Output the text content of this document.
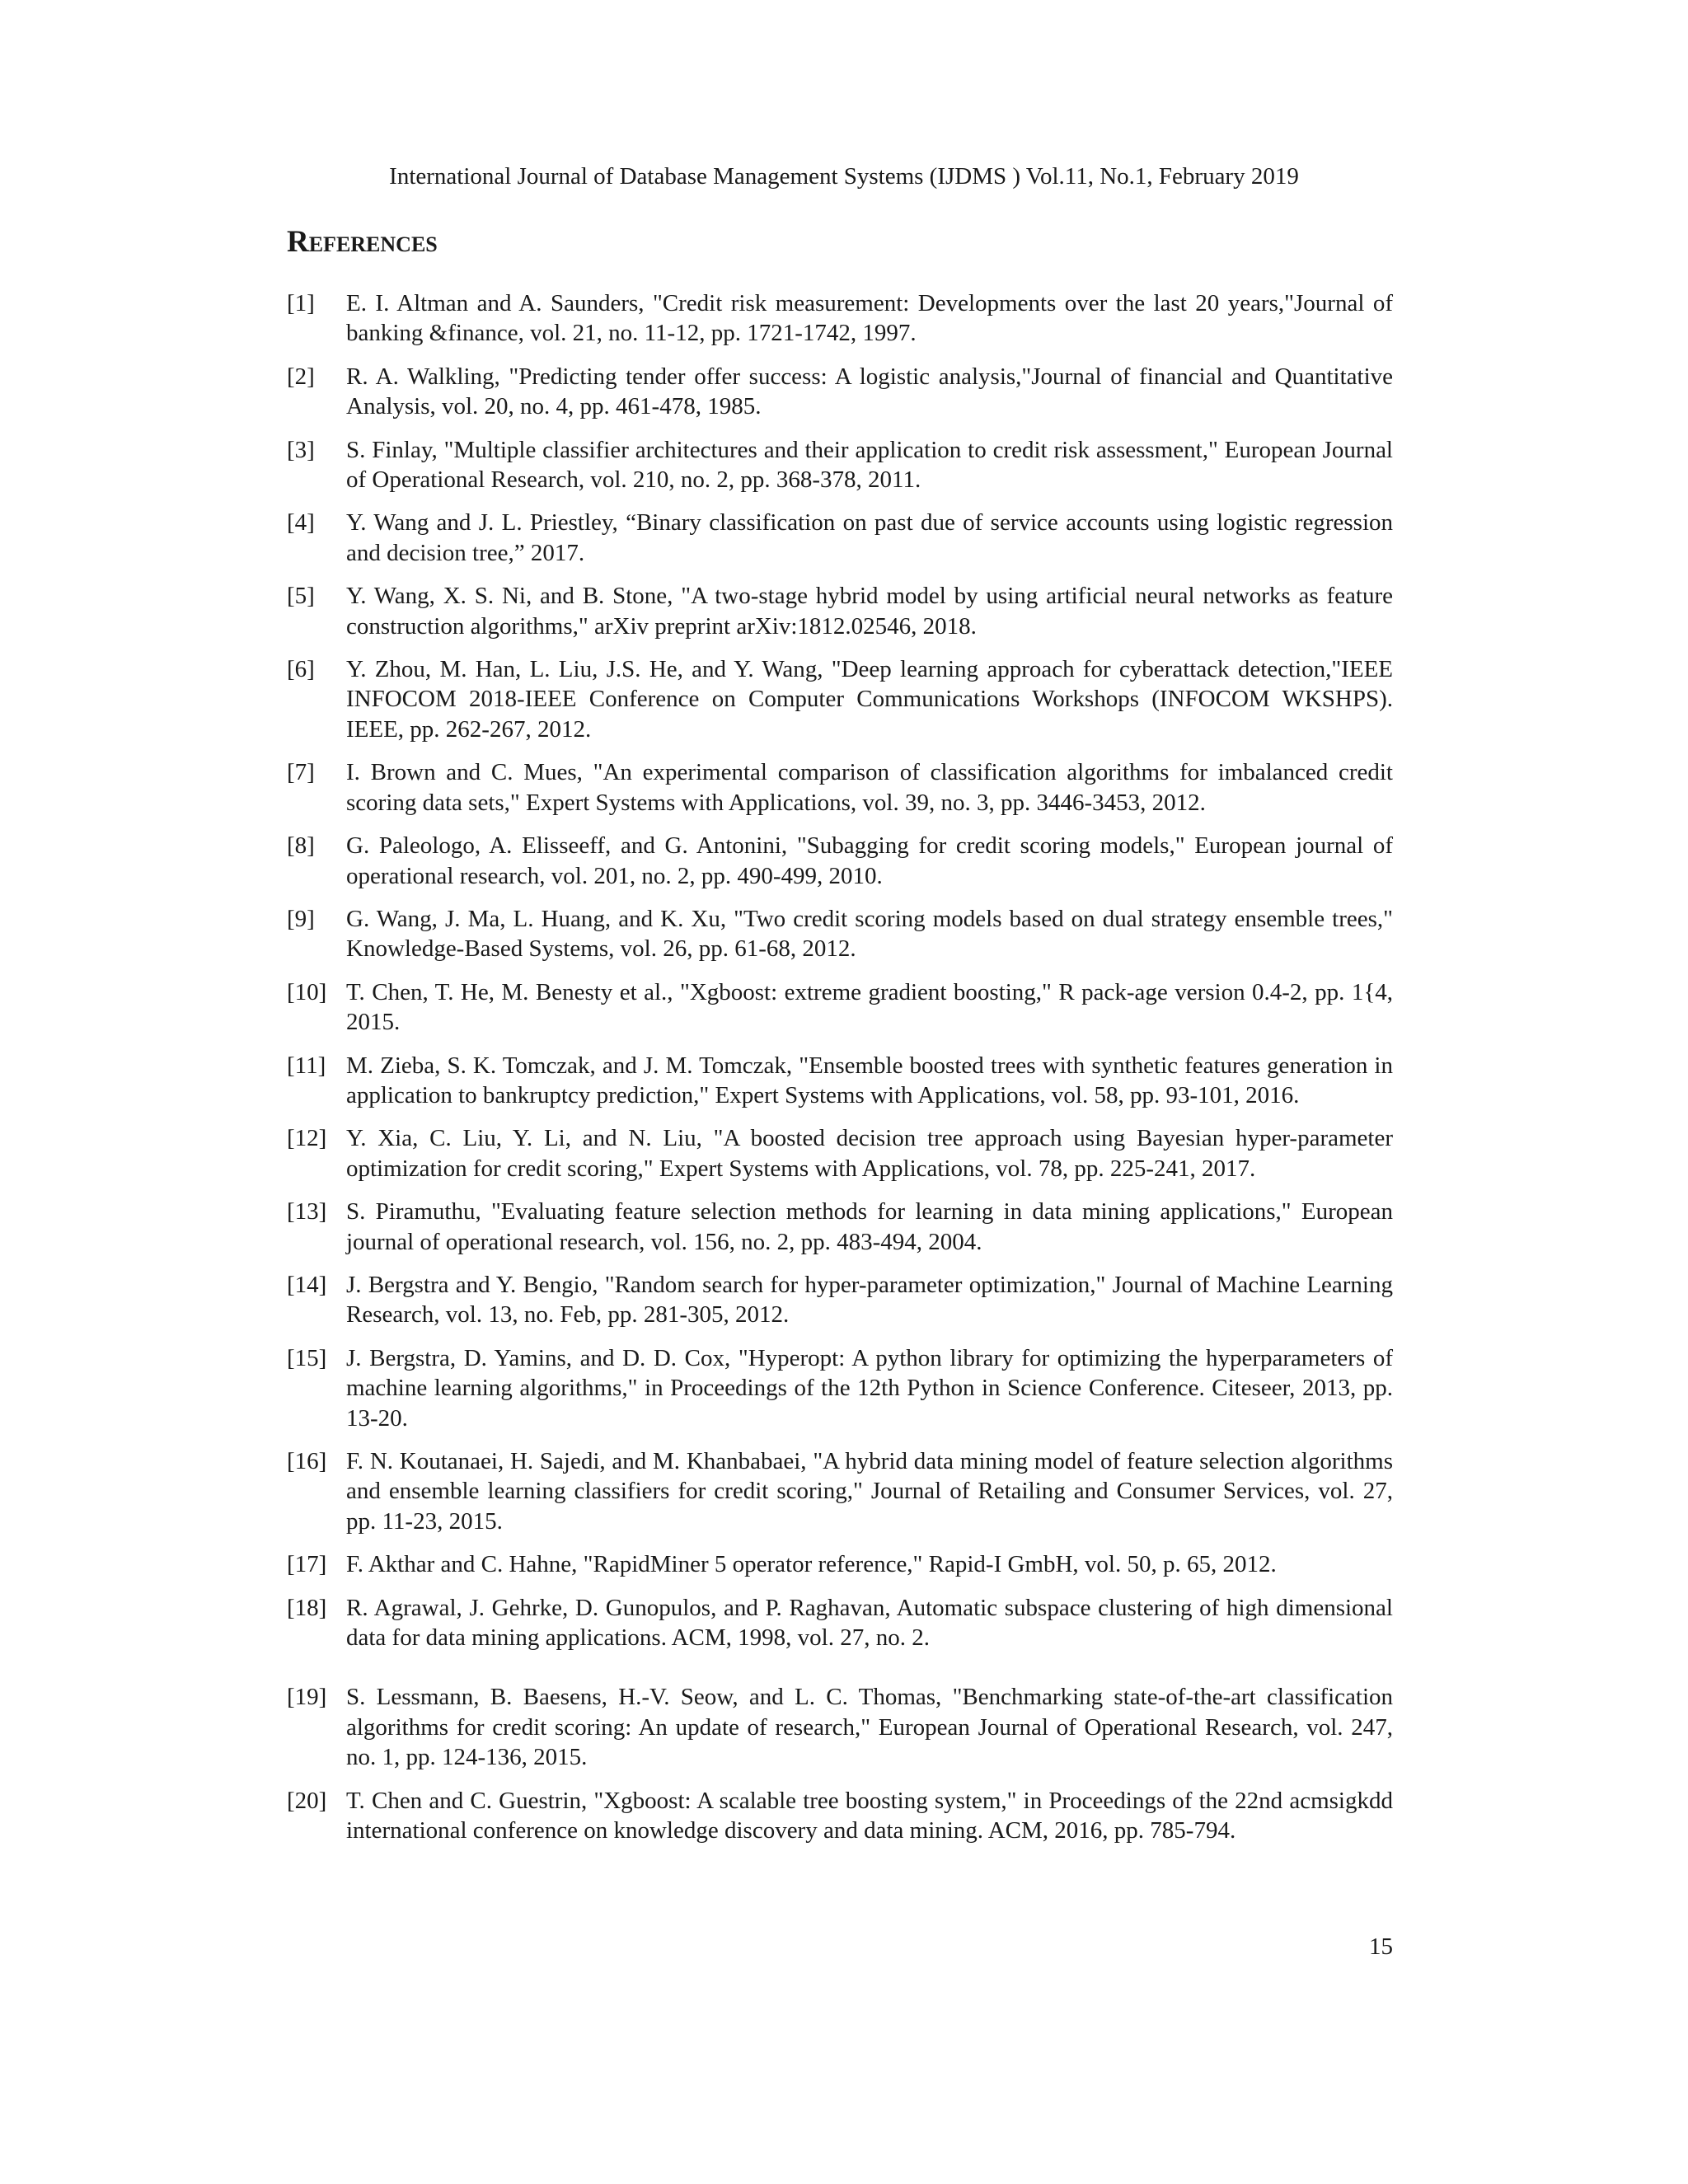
International Journal of Database Management Systems (IJDMS ) Vol.11, No.1, February 2019
References
[1] E. I. Altman and A. Saunders, "Credit risk measurement: Developments over the last 20 years,"Journal of banking &finance, vol. 21, no. 11-12, pp. 1721-1742, 1997.
[2] R. A. Walkling, "Predicting tender offer success: A logistic analysis,"Journal of financial and Quantitative Analysis, vol. 20, no. 4, pp. 461-478, 1985.
[3] S. Finlay, "Multiple classifier architectures and their application to credit risk assessment," European Journal of Operational Research, vol. 210, no. 2, pp. 368-378, 2011.
[4] Y. Wang and J. L. Priestley, “Binary classification on past due of service accounts using logistic regression and decision tree,” 2017.
[5] Y. Wang, X. S. Ni, and B. Stone, "A two-stage hybrid model by using artificial neural networks as feature construction algorithms," arXiv preprint arXiv:1812.02546, 2018.
[6] Y. Zhou, M. Han, L. Liu, J.S. He, and Y. Wang, "Deep learning approach for cyberattack detection,"IEEE INFOCOM 2018-IEEE Conference on Computer Communications Workshops (INFOCOM WKSHPS). IEEE, pp. 262-267, 2012.
[7] I. Brown and C. Mues, "An experimental comparison of classification algorithms for imbalanced credit scoring data sets," Expert Systems with Applications, vol. 39, no. 3, pp. 3446-3453, 2012.
[8] G. Paleologo, A. Elisseeff, and G. Antonini, "Subagging for credit scoring models," European journal of operational research, vol. 201, no. 2, pp. 490-499, 2010.
[9] G. Wang, J. Ma, L. Huang, and K. Xu, "Two credit scoring models based on dual strategy ensemble trees," Knowledge-Based Systems, vol. 26, pp. 61-68, 2012.
[10] T. Chen, T. He, M. Benesty et al., "Xgboost: extreme gradient boosting," R pack-age version 0.4-2, pp. 1{4, 2015.
[11] M. Zieba, S. K. Tomczak, and J. M. Tomczak, "Ensemble boosted trees with synthetic features generation in application to bankruptcy prediction," Expert Systems with Applications, vol. 58, pp. 93-101, 2016.
[12] Y. Xia, C. Liu, Y. Li, and N. Liu, "A boosted decision tree approach using Bayesian hyper-parameter optimization for credit scoring," Expert Systems with Applications, vol. 78, pp. 225-241, 2017.
[13] S. Piramuthu, "Evaluating feature selection methods for learning in data mining applications," European journal of operational research, vol. 156, no. 2, pp. 483-494, 2004.
[14] J. Bergstra and Y. Bengio, "Random search for hyper-parameter optimization," Journal of Machine Learning Research, vol. 13, no. Feb, pp. 281-305, 2012.
[15] J. Bergstra, D. Yamins, and D. D. Cox, "Hyperopt: A python library for optimizing the hyperparameters of machine learning algorithms," in Proceedings of the 12th Python in Science Conference. Citeseer, 2013, pp. 13-20.
[16] F. N. Koutanaei, H. Sajedi, and M. Khanbabaei, "A hybrid data mining model of feature selection algorithms and ensemble learning classifiers for credit scoring," Journal of Retailing and Consumer Services, vol. 27, pp. 11-23, 2015.
[17] F. Akthar and C. Hahne, "RapidMiner 5 operator reference," Rapid-I GmbH, vol. 50, p. 65, 2012.
[18] R. Agrawal, J. Gehrke, D. Gunopulos, and P. Raghavan, Automatic subspace clustering of high dimensional data for data mining applications. ACM, 1998, vol. 27, no. 2.
[19] S. Lessmann, B. Baesens, H.-V. Seow, and L. C. Thomas, "Benchmarking state-of-the-art classification algorithms for credit scoring: An update of research," European Journal of Operational Research, vol. 247, no. 1, pp. 124-136, 2015.
[20] T. Chen and C. Guestrin, "Xgboost: A scalable tree boosting system," in Proceedings of the 22nd acmsigkdd international conference on knowledge discovery and data mining. ACM, 2016, pp. 785-794.
15
